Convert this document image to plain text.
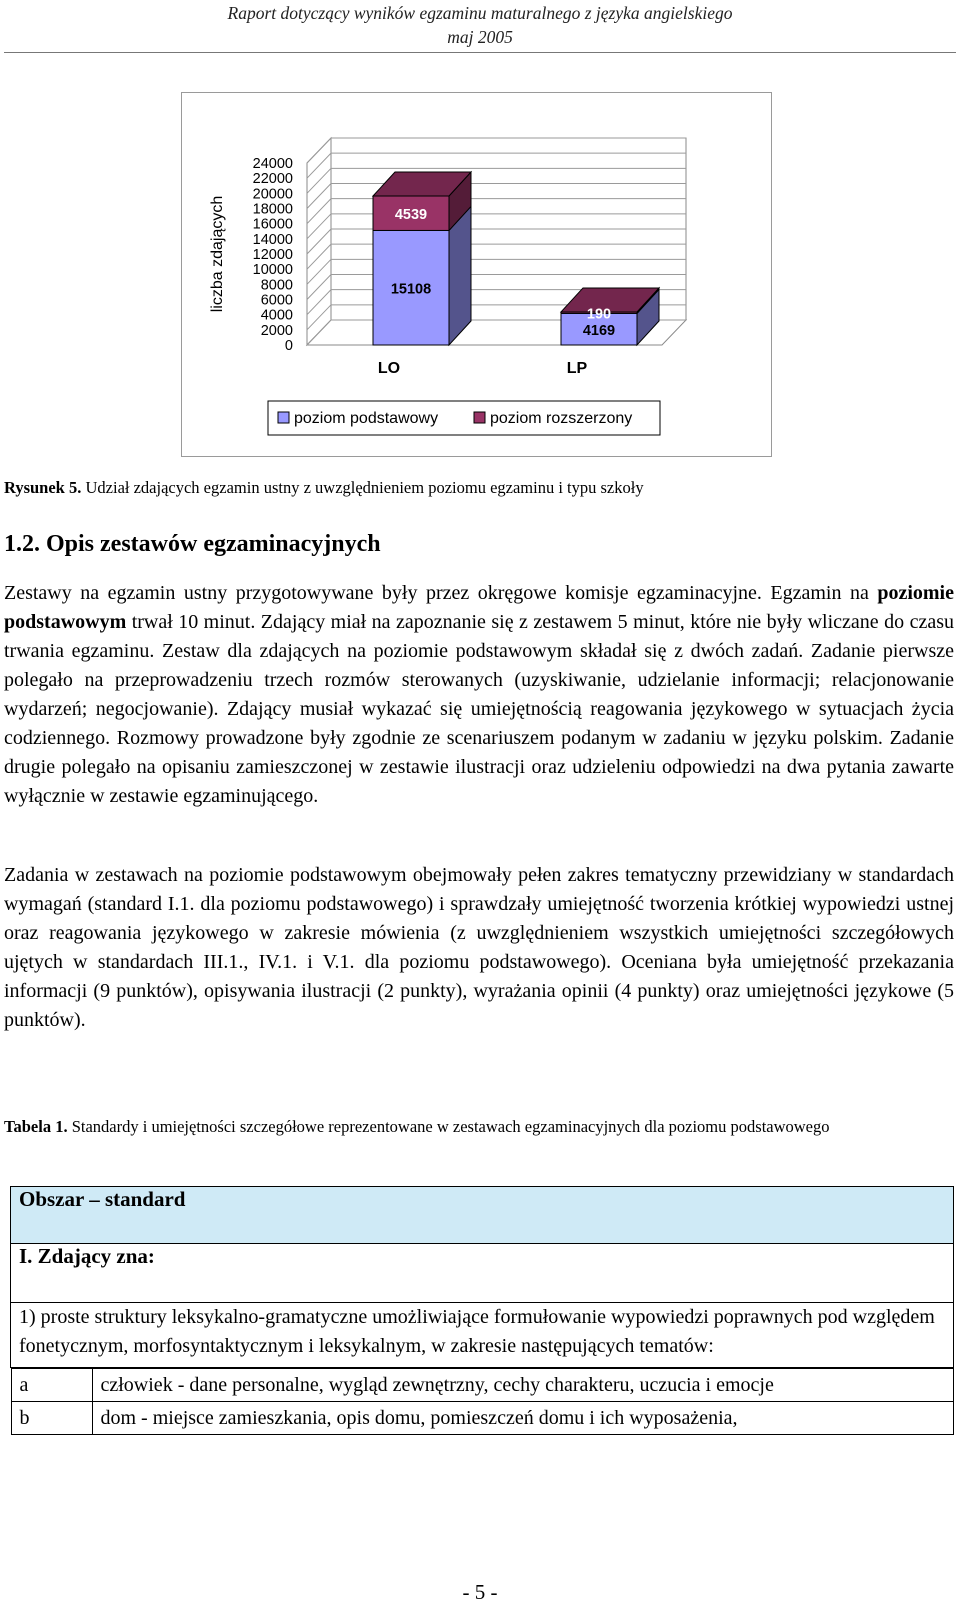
Raport dotyczący wyników egzaminu maturalnego z języka angielskiego
maj 2005
24000
22000
20000
18000
16000
14000
12000
10000
8000
6000
4000
2000
0
liczba zdających	15108
4539
LO
4169
190
LP
poziom podstawowy	poziom rozszerzony
Rysunek 5. Udział zdających egzamin ustny z uwzględnieniem poziomu egzaminu i typu szkoły
1.2. Opis zestawów egzaminacyjnych
Zestawy na egzamin ustny przygotowywane były przez okręgowe komisje egzaminacyjne. Egzamin na poziomie podstawowym trwał 10 minut. Zdający miał na zapoznanie się z zestawem 5 minut, które nie były wliczane do czasu trwania egzaminu. Zestaw dla zdających na poziomie podstawowym składał się z dwóch zadań. Zadanie pierwsze polegało na przeprowadzeniu trzech rozmów sterowanych (uzyskiwanie, udzielanie informacji; relacjonowanie wydarzeń; negocjowanie). Zdający musiał wykazać się umiejętnością reagowania językowego w sytuacjach życia codziennego. Rozmowy prowadzone były zgodnie ze scenariuszem podanym w zadaniu w języku polskim. Zadanie drugie polegało na opisaniu zamieszczonej w zestawie ilustracji oraz udzieleniu odpowiedzi na dwa pytania zawarte wyłącznie w zestawie egzaminującego.
Zadania w zestawach na poziomie podstawowym obejmowały pełen zakres tematyczny przewidziany w standardach wymagań (standard I.1. dla poziomu podstawowego) i sprawdzały umiejętność tworzenia krótkiej wypowiedzi ustnej oraz reagowania językowego w zakresie mówienia (z uwzględnieniem wszystkich umiejętności szczegółowych ujętych w standardach III.1., IV.1. i V.1. dla poziomu podstawowego). Oceniana była umiejętność przekazania informacji (9 punktów), opisywania ilustracji (2 punkty), wyrażania opinii (4 punkty) oraz umiejętności językowe (5 punktów).
Tabela 1. Standardy i umiejętności szczegółowe reprezentowane w zestawach egzaminacyjnych dla poziomu podstawowego
Obszar – standard
I. Zdający zna:

1) proste struktury leksykalno-gramatyczne umożliwiające formułowanie wypowiedzi poprawnych pod względem fonetycznym, morfosyntaktycznym i leksykalnym, w zakresie następujących tematów:

a	człowiek - dane personalne, wygląd zewnętrzny, cechy charakteru, uczucia i emocje
b	dom - miejsce zamieszkania, opis domu, pomieszczeń domu i ich wyposażenia,
- 5 -
